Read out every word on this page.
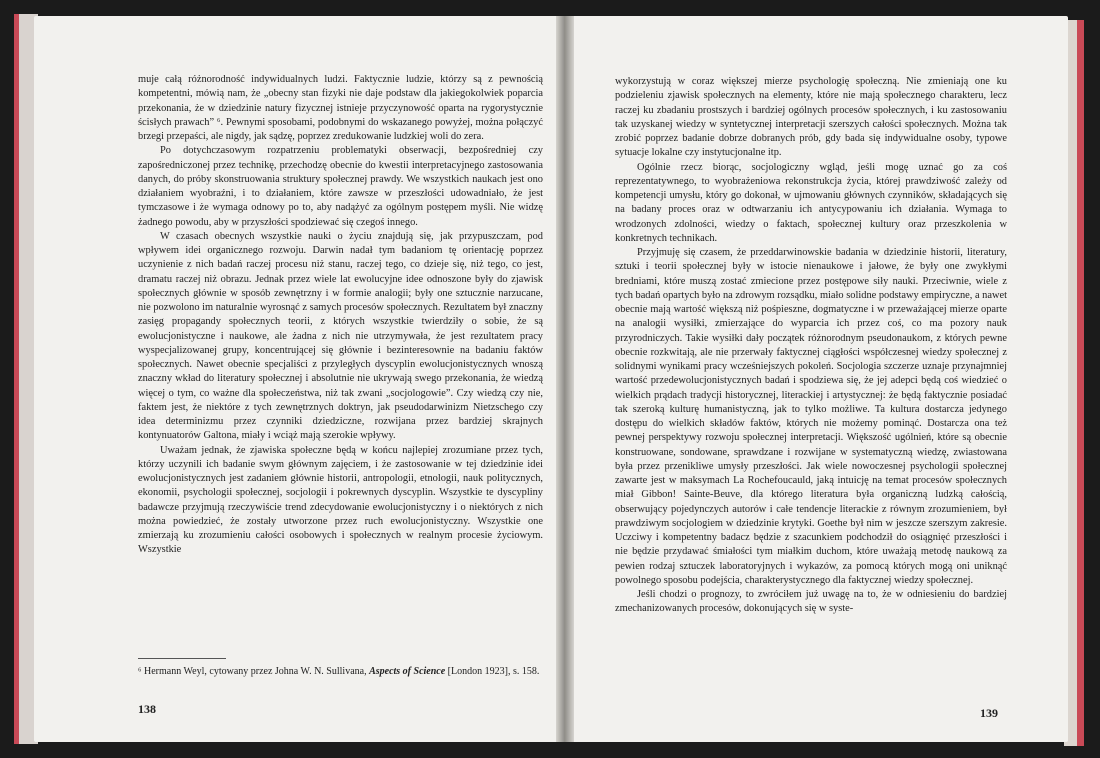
muje całą różnorodność indywidualnych ludzi. Faktycznie ludzie, którzy są z pewnością kompetentni, mówią nam, że „obecny stan fizyki nie daje podstaw dla jakiegokolwiek poparcia przekonania, że w dziedzinie natury fizycznej istnieje przyczynowość oparta na rygorystycznie ścisłych prawach” ⁶. Pewnymi sposobami, podobnymi do wskazanego powyżej, można połączyć brzegi przepaści, ale nigdy, jak sądzę, poprzez zredukowanie ludzkiej woli do zera.

Po dotychczasowym rozpatrzeniu problematyki obserwacji, bezpośredniej czy zapośredniczonej przez technikę, przechodzę obecnie do kwestii interpretacyjnego zastosowania danych, do próby skonstruowania struktury społecznej prawdy. We wszystkich naukach jest ono działaniem wyobraźni, i to działaniem, które zawsze w przeszłości udowadniało, że jest tymczasowe i że wymaga odnowy po to, aby nadążyć za ogólnym postępem myśli. Nie widzę żadnego powodu, aby w przyszłości spodziewać się czegoś innego.

W czasach obecnych wszystkie nauki o życiu znajdują się, jak przypuszczam, pod wpływem idei organicznego rozwoju. Darwin nadał tym badaniom tę orientację poprzez uczynienie z nich badań raczej procesu niż stanu, raczej tego, co dzieje się, niż tego, co jest, dramatu raczej niż obrazu. Jednak przez wiele lat ewolucyjne idee odnoszone były do zjawisk społecznych głównie w sposób zewnętrzny i w formie analogii; były one sztucznie narzucane, nie pozwolono im naturalnie wyrosnąć z samych procesów społecznych. Rezultatem był znaczny zasięg propagandy społecznych teorii, z których wszystkie twierdziły o sobie, że są ewolucjonistyczne i naukowe, ale żadna z nich nie utrzymywała, że jest rezultatem pracy wyspecjalizowanej grupy, koncentrującej się głównie i bezinteresownie na badaniu faktów społecznych. Nawet obecnie specjaliści z przyległych dyscyplin ewolucjonistycznych wnoszą znaczny wkład do literatury społecznej i absolutnie nie ukrywają swego przekonania, że wiedzą więcej o tym, co ważne dla społeczeństwa, niż tak zwani „socjologowie”. Czy wiedzą czy nie, faktem jest, że niektóre z tych zewnętrznych doktryn, jak pseudodarwinizm Nietzschego czy idea determinizmu przez czynniki dziedziczne, rozwijana przez bardziej skrajnych kontynuatorów Galtona, miały i wciąż mają szerokie wpływy.

Uważam jednak, że zjawiska społeczne będą w końcu najlepiej zrozumiane przez tych, którzy uczynili ich badanie swym głównym zajęciem, i że zastosowanie w tej dziedzinie idei ewolucjonistycznych jest zadaniem głównie historii, antropologii, etnologii, nauk politycznych, ekonomii, psychologii społecznej, socjologii i pokrewnych dyscyplin. Wszystkie te dyscypliny badawcze przyjmują rzeczywiście trend zdecydowanie ewolucjonistyczny i o niektórych z nich można powiedzieć, że zostały utworzone przez ruch ewolucjonistyczny. Wszystkie one zmierzają ku zrozumieniu całości osobowych i społecznych w realnym procesie życiowym. Wszystkie

⁶ Hermann Weyl, cytowany przez Johna W. N. Sullivana, Aspects of Science [London 1923], s. 158.
138

wykorzystują w coraz większej mierze psychologię społeczną. Nie zmieniają one ku podzieleniu zjawisk społecznych na elementy, które nie mają społecznego charakteru, lecz raczej ku zbadaniu prostszych i bardziej ogólnych procesów społecznych, i ku zastosowaniu tak uzyskanej wiedzy w syntetycznej interpretacji szerszych całości społecznych. Można tak zrobić poprzez badanie dobrze dobranych prób, gdy bada się indywidualne osoby, typowe sytuacje lokalne czy instytucjonalne itp.

Ogólnie rzecz biorąc, socjologiczny wgląd, jeśli mogę uznać go za coś reprezentatywnego, to wyobrażeniowa rekonstrukcja życia, której prawdziwość zależy od kompetencji umysłu, który go dokonał, w ujmowaniu głównych czynników, składających się na badany proces oraz w odtwarzaniu ich antycypowaniu ich działania. Wymaga to wrodzonych zdolności, wiedzy o faktach, społecznej kultury oraz przeszkolenia w konkretnych technikach.

Przyjmuję się czasem, że przeddarwinowskie badania w dziedzinie historii, literatury, sztuki i teorii społecznej były w istocie nienaukowe i jałowe, że były one zwykłymi bredniami, które muszą zostać zmiecione przez postępowe siły nauki. Przeciwnie, wiele z tych badań opartych było na zdrowym rozsądku, miało solidne podstawy empiryczne, a nawet obecnie mają wartość większą niż pośpieszne, dogmatyczne i w przeważającej mierze oparte na analogii wysiłki, zmierzające do wyparcia ich przez coś, co ma pozory nauk przyrodniczych. Takie wysiłki dały początek różnorodnym pseudonaukom, z których pewne obecnie rozkwitają, ale nie przerwały faktycznej ciągłości współczesnej wiedzy społecznej z solidnymi wynikami pracy wcześniejszych pokoleń. Socjologia szczerze uznaje przynajmniej wartość przedewolucjonistycznych badań i spodziewa się, że jej adepci będą coś wiedzieć o wielkich prądach tradycji historycznej, literackiej i artystycznej: że będą faktycznie posiadać tak szeroką kulturę humanistyczną, jak to tylko możliwe. Ta kultura dostarcza jedynego dostępu do wielkich składów faktów, których nie możemy pominąć. Dostarcza ona też pewnej perspektywy rozwoju społecznej interpretacji. Większość ugólnień, które są obecnie konstruowane, sondowane, sprawdzane i rozwijane w systematyczną wiedzę, zwiastowana była przez przenikliwe umysły przeszłości. Jak wiele nowoczesnej psychologii społecznej zawarte jest w maksymach La Rochefoucauld, jaką intuicję na temat procesów społecznych miał Gibbon! Sainte-Beuve, dla którego literatura była organiczną ludzką całością, obserwujący pojedynczych autorów i całe tendencje literackie z równym zrozumieniem, był prawdziwym socjologiem w dziedzinie krytyki. Goethe był nim w jeszcze szerszym zakresie. Uczciwy i kompetentny badacz będzie z szacunkiem podchodził do osiągnięć przeszłości i nie będzie przydawać śmiałości tym miałkim duchom, które uważają metodę naukową za pewien rodzaj sztuczek laboratoryjnych i wykazów, za pomocą których mogą oni uniknąć powolnego sposobu podejścia, charakterystycznego dla faktycznej wiedzy społecznej.

Jeśli chodzi o prognozy, to zwróciłem już uwagę na to, że w odniesieniu do bardziej zmechanizowanych procesów, dokonujących się w syste-

139
